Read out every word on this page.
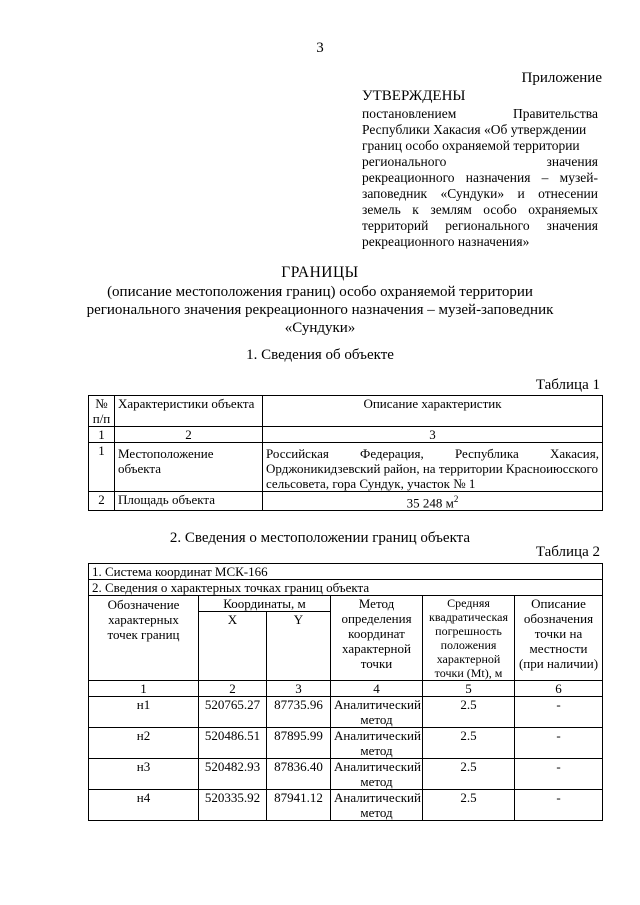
3
Приложение
УТВЕРЖДЕНЫ
постановлением Правительства
Республики Хакасия «Об утверждении
границ особо охраняемой территории
регионального значения
рекреационного назначения – музей-
заповедник «Сундуки» и отнесении
земель к землям особо охраняемых
территорий регионального значения
рекреационного назначения»
ГРАНИЦЫ
(описание местоположения границ) особо охраняемой территории
регионального значения рекреационного назначения – музей-заповедник
«Сундуки»
1. Сведения об объекте
Таблица 1
№ п/п	Характеристики объекта	Описание характеристик
1	2	3
1	Местоположение объекта	Российская Федерация, Республика Хакасия,
Орджоникидзевский район, на территории Красноиюсского
сельсовета, гора Сундук, участок № 1

2	Площадь объекта	35 248 $м^2$
2. Сведения о местоположении границ объекта
Таблица 2
1. Система координат МСК-166					
2. Сведения о характерных точках границ объекта					
Обозначение характерных точек границ	Координаты, м		Метод определения координат характерной точки	Средняя квадратическая погрешность положения характерной точки (Mt), м	Описание обозначения точки на местности (при наличии)
	X	Y			
1	2	3	4	5	6
н1	520765.27	87735.96	Аналитический метод	2.5	-
н2	520486.51	87895.99	Аналитический метод	2.5	-
н3	520482.93	87836.40	Аналитический метод	2.5	-
н4	520335.92	87941.12	Аналитический метод	2.5	-
